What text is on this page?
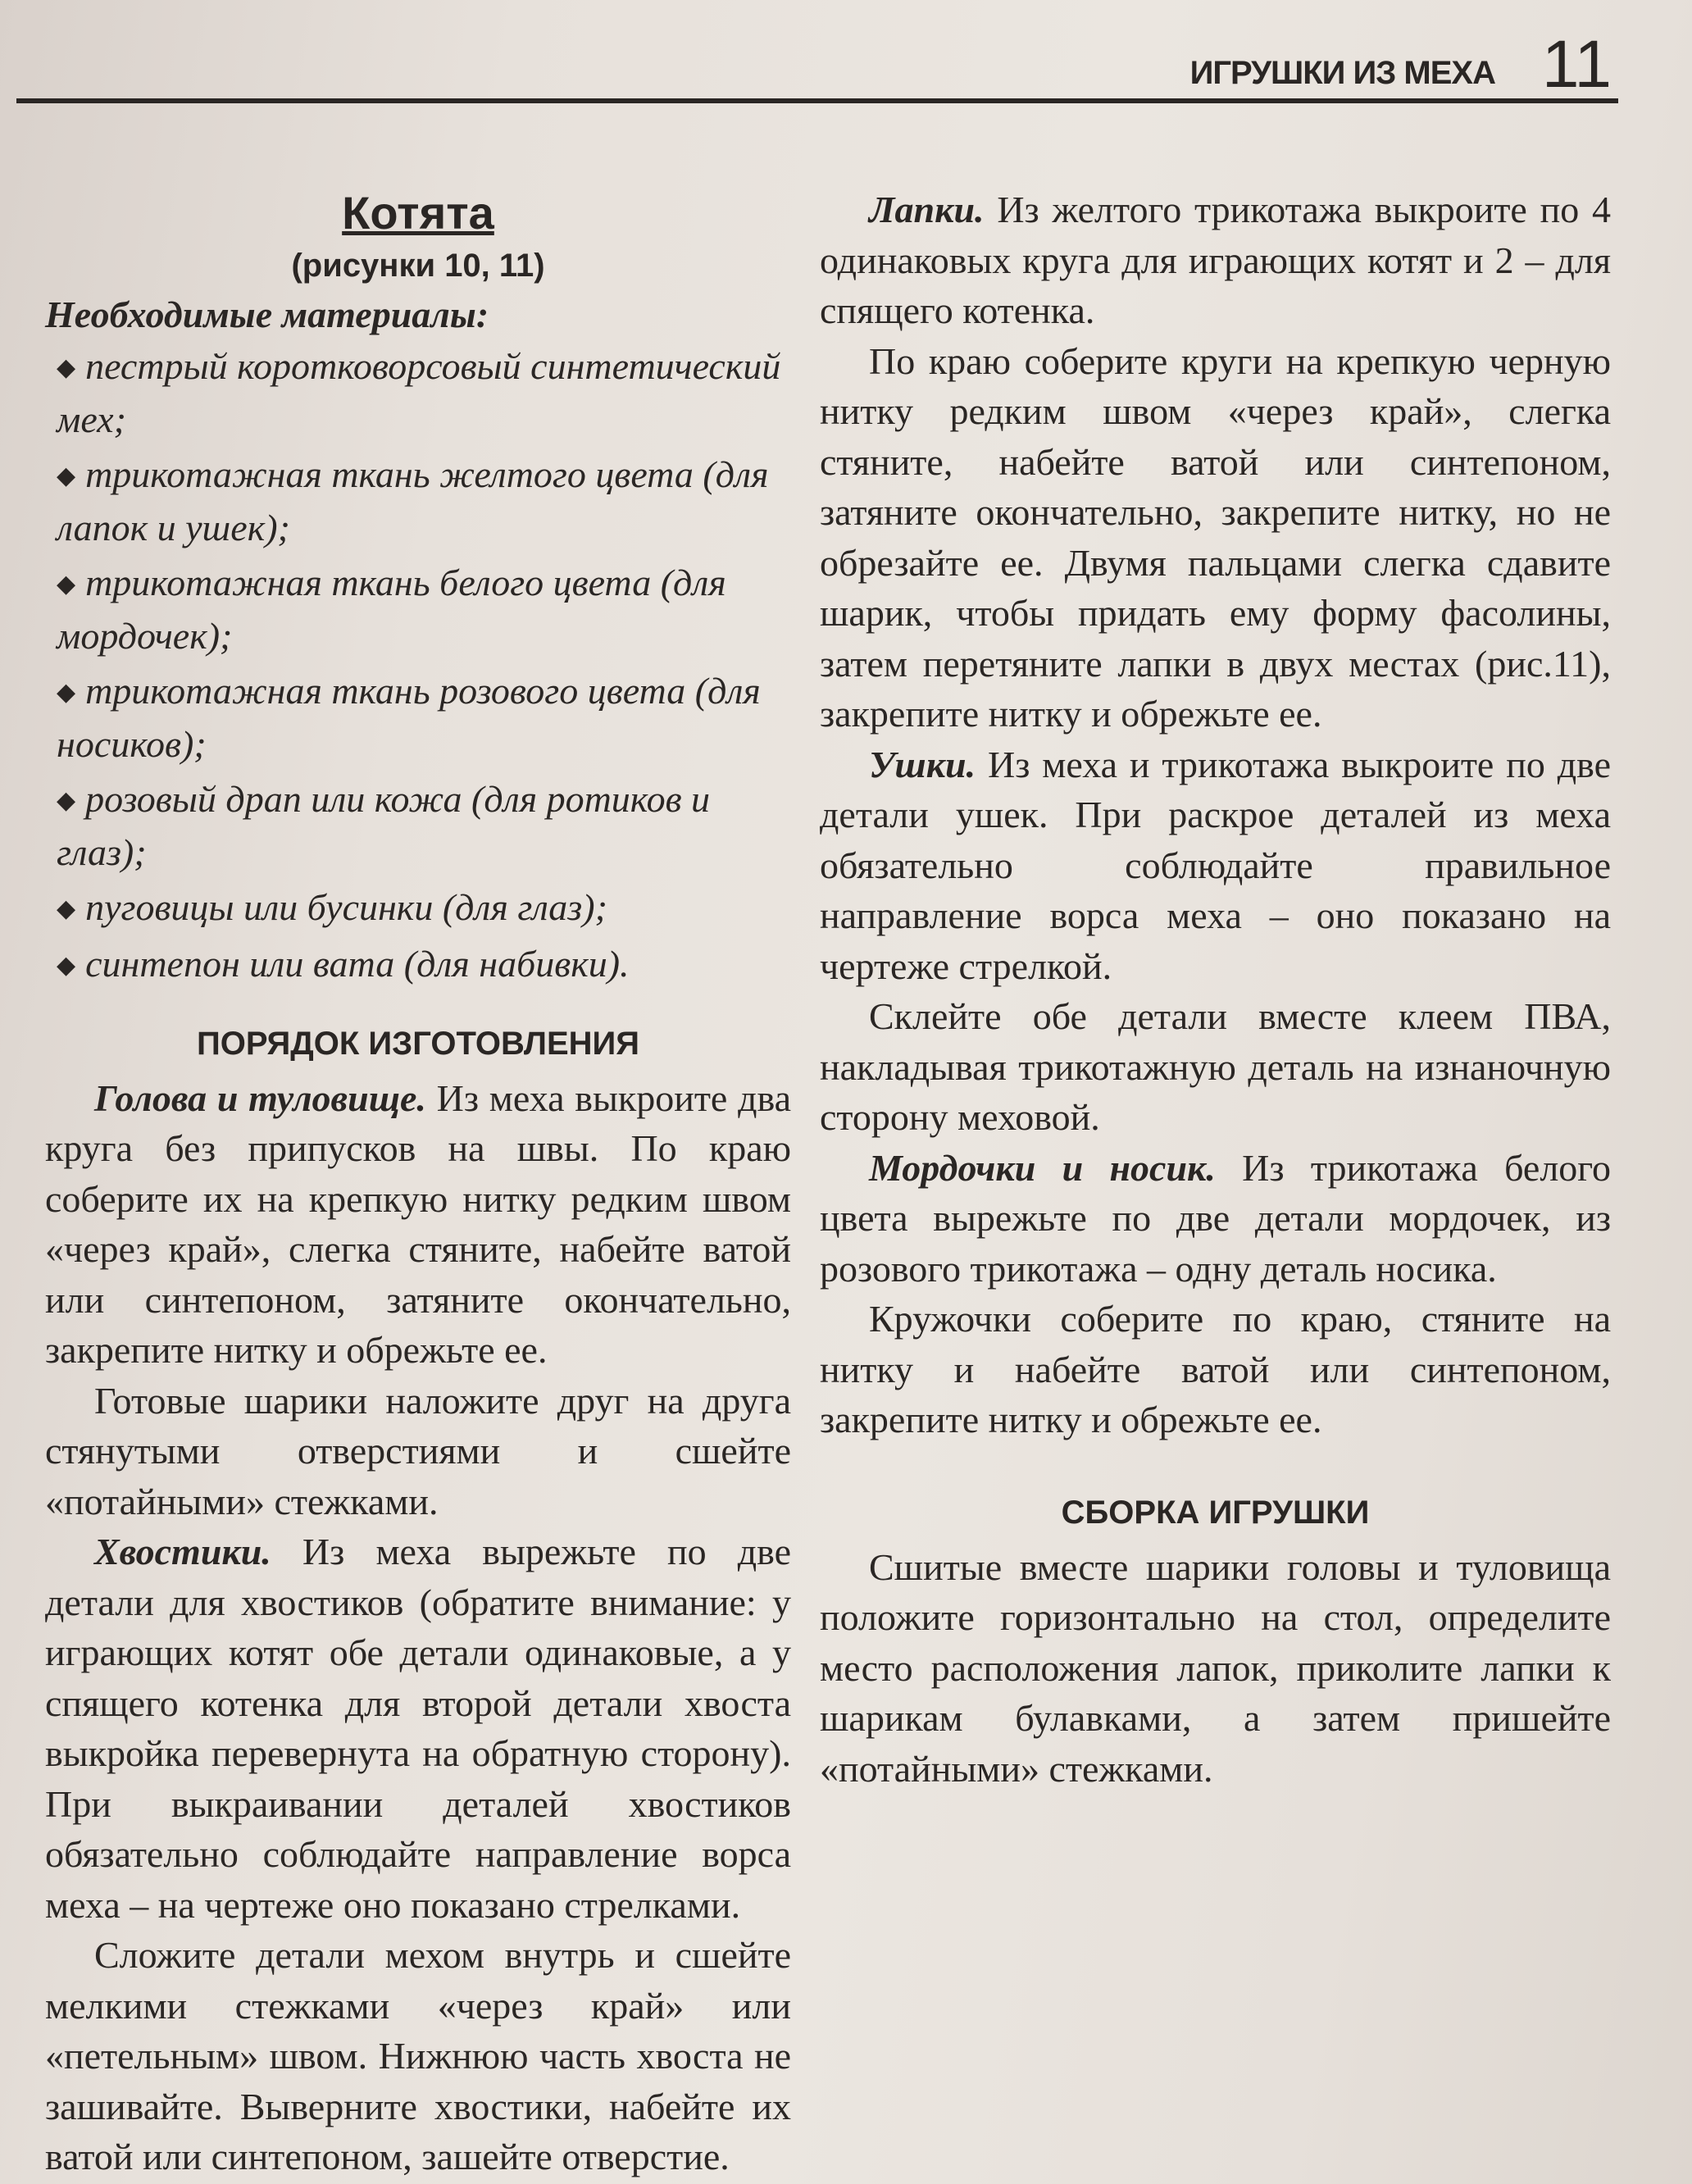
ИГРУШКИ ИЗ МЕХА 11

Котята

(рисунки 10, 11)

Необходимые материалы:

◆ пестрый коротковорсовый синтетический мех;

◆ трикотажная ткань желтого цвета (для лапок и ушек);

◆ трикотажная ткань белого цвета (для мордочек);

◆ трикотажная ткань розового цвета (для носиков);

◆ розовый драп или кожа (для ротиков и глаз);

◆ пуговицы или бусинки (для глаз);

◆ синтепон или вата (для набивки).

ПОРЯДОК ИЗГОТОВЛЕНИЯ

Голова и туловище. Из меха выкроите два круга без припусков на швы. По краю соберите их на крепкую нитку редким швом «через край», слегка стяните, набейте ватой или синтепоном, затяните окончательно, закрепите нитку и обрежьте ее.

Готовые шарики наложите друг на друга стянутыми отверстиями и сшейте «потайными» стежками.

Хвостики. Из меха вырежьте по две детали для хвостиков (обратите внимание: у играющих котят обе детали одинаковые, а у спящего котенка для второй детали хвоста выкройка перевернута на обратную сторону). При выкраивании деталей хвостиков обязательно соблюдайте направление ворса меха – на чертеже оно показано стрелками.

Сложите детали мехом внутрь и сшейте мелкими стежками «через край» или «петельным» швом. Нижнюю часть хвоста не зашивайте. Выверните хвостики, набейте их ватой или синтепоном, зашейте отверстие.

Лапки. Из желтого трикотажа выкроите по 4 одинаковых круга для играющих котят и 2 – для спящего котенка.

По краю соберите круги на крепкую черную нитку редким швом «через край», слегка стяните, набейте ватой или синтепоном, затяните окончательно, закрепите нитку, но не обрезайте ее. Двумя пальцами слегка сдавите шарик, чтобы придать ему форму фасолины, затем перетяните лапки в двух местах (рис.11), закрепите нитку и обрежьте ее.

Ушки. Из меха и трикотажа выкроите по две детали ушек. При раскрое деталей из меха обязательно соблюдайте правильное направление ворса меха – оно показано на чертеже стрелкой.

Склейте обе детали вместе клеем ПВА, накладывая трикотажную деталь на изнаночную сторону меховой.

Мордочки и носик. Из трикотажа белого цвета вырежьте по две детали мордочек, из розового трикотажа – одну деталь носика.

Кружочки соберите по краю, стяните на нитку и набейте ватой или синтепоном, закрепите нитку и обрежьте ее.

СБОРКА ИГРУШКИ

Сшитые вместе шарики головы и туловища положите горизонтально на стол, определите место расположения лапок, приколите лапки к шарикам булавками, а затем пришейте «потайными» стежками.
